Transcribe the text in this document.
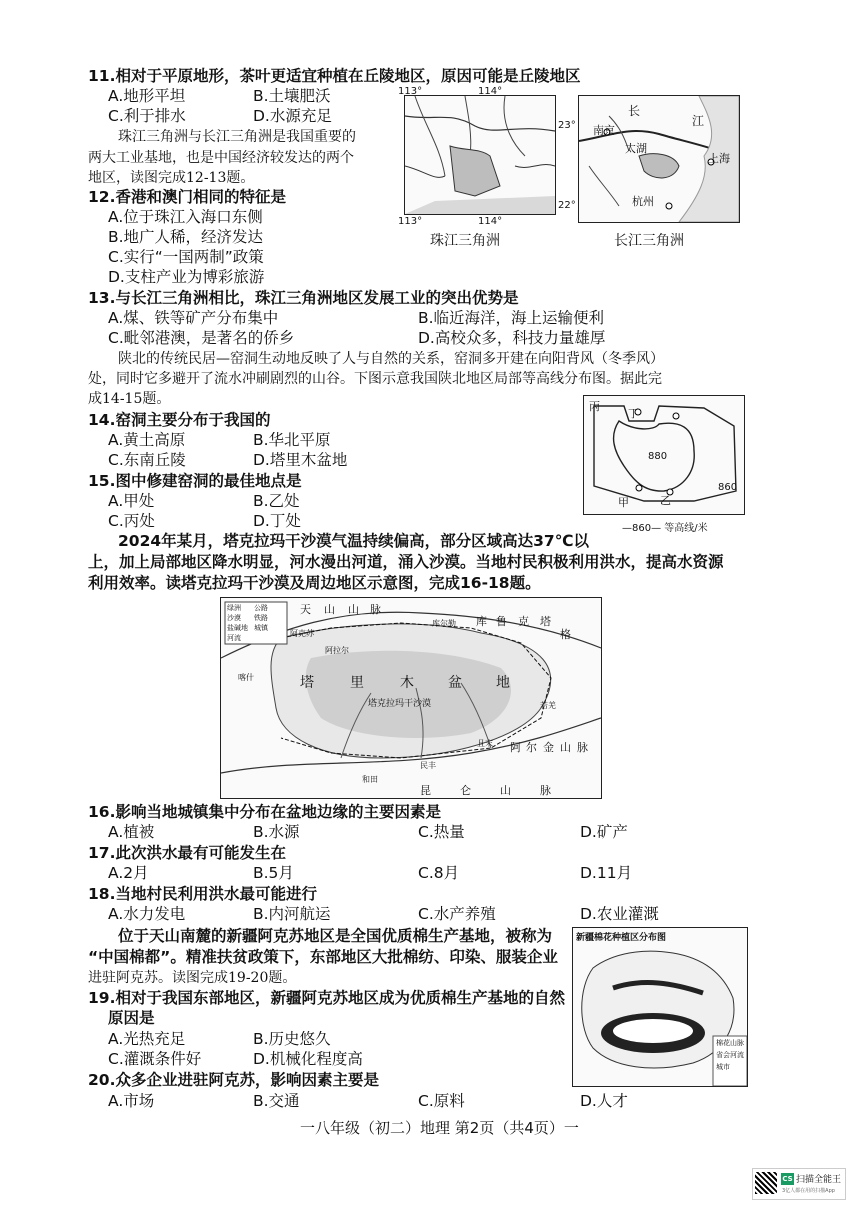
11.相对于平原地形，茶叶更适宜种植在丘陵地区，原因可能是丘陵地区
A.地形平坦	B.土壤肥沃
C.利于排水	D.水源充足
珠江三角洲与长江三角洲是我国重要的
两大工业基地，也是中国经济较发达的两个
地区，读图完成12-13题。
113°	114°
23°
22°
113°	114°
珠江三角洲
长
江
南京
太湖
上海
杭州
长江三角洲
12.香港和澳门相同的特征是
A.位于珠江入海口东侧
B.地广人稀，经济发达
C.实行“一国两制”政策
D.支柱产业为博彩旅游
13.与长江三角洲相比，珠江三角洲地区发展工业的突出优势是
A.煤、铁等矿产分布集中	B.临近海洋，海上运输便利
C.毗邻港澳，是著名的侨乡	D.高校众多，科技力量雄厚
陕北的传统民居—窑洞生动地反映了人与自然的关系，窑洞多开建在向阳背风（冬季风）
处，同时它多避开了流水冲刷剧烈的山谷。下图示意我国陕北地区局部等高线分布图。据此完
成14-15题。	丙
丁
880
860
甲	乙
—860— 等高线/米
14.窑洞主要分布于我国的
A.黄土高原	B.华北平原
C.东南丘陵	D.塔里木盆地
15.图中修建窑洞的最佳地点是
A.甲处	B.乙处
C.丙处	D.丁处
2024年某月，塔克拉玛干沙漠气温持续偏高，部分区域高达37℃以
上，加上局部地区降水明显，河水漫出河道，涌入沙漠。当地村民积极利用洪水，提高水资源
利用效率。读塔克拉玛干沙漠及周边地区示意图，完成16-18题。
绿洲 公路
沙漠 铁路
盐碱地 城镇
河流
天 山 山 脉
库 鲁 克 塔
格
阿克苏
阿拉尔
塔	里	木 盆 地
塔克拉玛干沙漠
且末 阿 尔 金 山 脉
和田
昆	仑	山	脉
喀什
民丰
若羌
库尔勒
16.影响当地城镇集中分布在盆地边缘的主要因素是
A.植被	B.水源	C.热量	D.矿产
17.此次洪水最有可能发生在
A.2月	B.5月	C.8月	D.11月
18.当地村民利用洪水最可能进行
A.水力发电	B.内河航运	C.水产养殖	D.农业灌溉
位于天山南麓的新疆阿克苏地区是全国优质棉生产基地，被称为
“中国棉都”。精准扶贫政策下，东部地区大批棉纺、印染、服装企业
进驻阿克苏。读图完成19-20题。
新疆棉花种植区分布图
棉花 山脉
省会 河流
城市
19.相对于我国东部地区，新疆阿克苏地区成为优质棉生产基地的自然
原因是
A.光热充足	B.历史悠久
C.灌溉条件好	D.机械化程度高
20.众多企业进驻阿克苏，影响因素主要是
A.市场	B.交通	C.原料	D.人才
一八年级（初二）地理 第2页（共4页）一
CS 扫描全能王
3亿人都在用的扫描App
